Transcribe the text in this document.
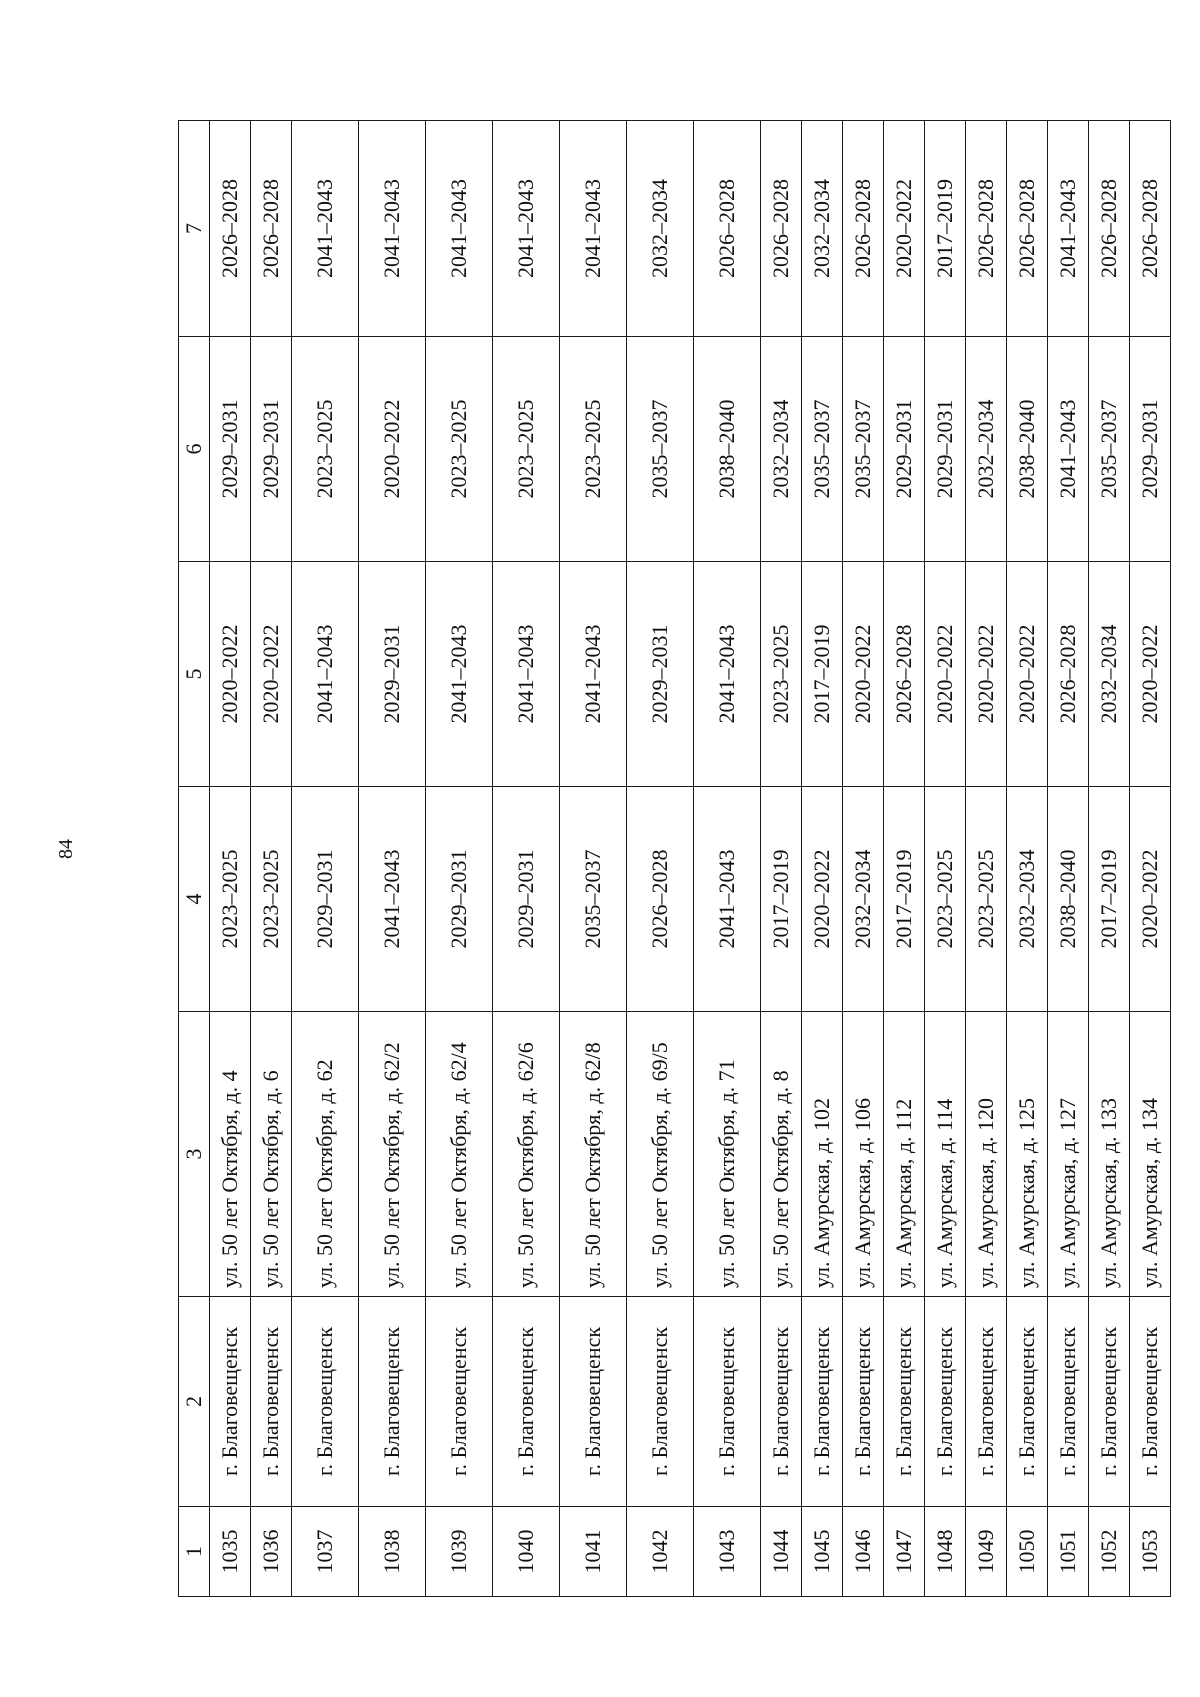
84
1	2	3	4	5	6	7
1035	г. Благовещенск	ул. 50 лет Октября, д. 4	2023–2025	2020–2022	2029–2031	2026–2028
1036	г. Благовещенск	ул. 50 лет Октября, д. 6	2023–2025	2020–2022	2029–2031	2026–2028
1037	г. Благовещенск	ул. 50 лет Октября, д. 62	2029–2031	2041–2043	2023–2025	2041–2043
1038	г. Благовещенск	ул. 50 лет Октября, д. 62/2	2041–2043	2029–2031	2020–2022	2041–2043
1039	г. Благовещенск	ул. 50 лет Октября, д. 62/4	2029–2031	2041–2043	2023–2025	2041–2043
1040	г. Благовещенск	ул. 50 лет Октября, д. 62/6	2029–2031	2041–2043	2023–2025	2041–2043
1041	г. Благовещенск	ул. 50 лет Октября, д. 62/8	2035–2037	2041–2043	2023–2025	2041–2043
1042	г. Благовещенск	ул. 50 лет Октября, д. 69/5	2026–2028	2029–2031	2035–2037	2032–2034
1043	г. Благовещенск	ул. 50 лет Октября, д. 71	2041–2043	2041–2043	2038–2040	2026–2028
1044	г. Благовещенск	ул. 50 лет Октября, д. 8	2017–2019	2023–2025	2032–2034	2026–2028
1045	г. Благовещенск	ул. Амурская, д. 102	2020–2022	2017–2019	2035–2037	2032–2034
1046	г. Благовещенск	ул. Амурская, д. 106	2032–2034	2020–2022	2035–2037	2026–2028
1047	г. Благовещенск	ул. Амурская, д. 112	2017–2019	2026–2028	2029–2031	2020–2022
1048	г. Благовещенск	ул. Амурская, д. 114	2023–2025	2020–2022	2029–2031	2017–2019
1049	г. Благовещенск	ул. Амурская, д. 120	2023–2025	2020–2022	2032–2034	2026–2028
1050	г. Благовещенск	ул. Амурская, д. 125	2032–2034	2020–2022	2038–2040	2026–2028
1051	г. Благовещенск	ул. Амурская, д. 127	2038–2040	2026–2028	2041–2043	2041–2043
1052	г. Благовещенск	ул. Амурская, д. 133	2017–2019	2032–2034	2035–2037	2026–2028
1053	г. Благовещенск	ул. Амурская, д. 134	2020–2022	2020–2022	2029–2031	2026–2028
